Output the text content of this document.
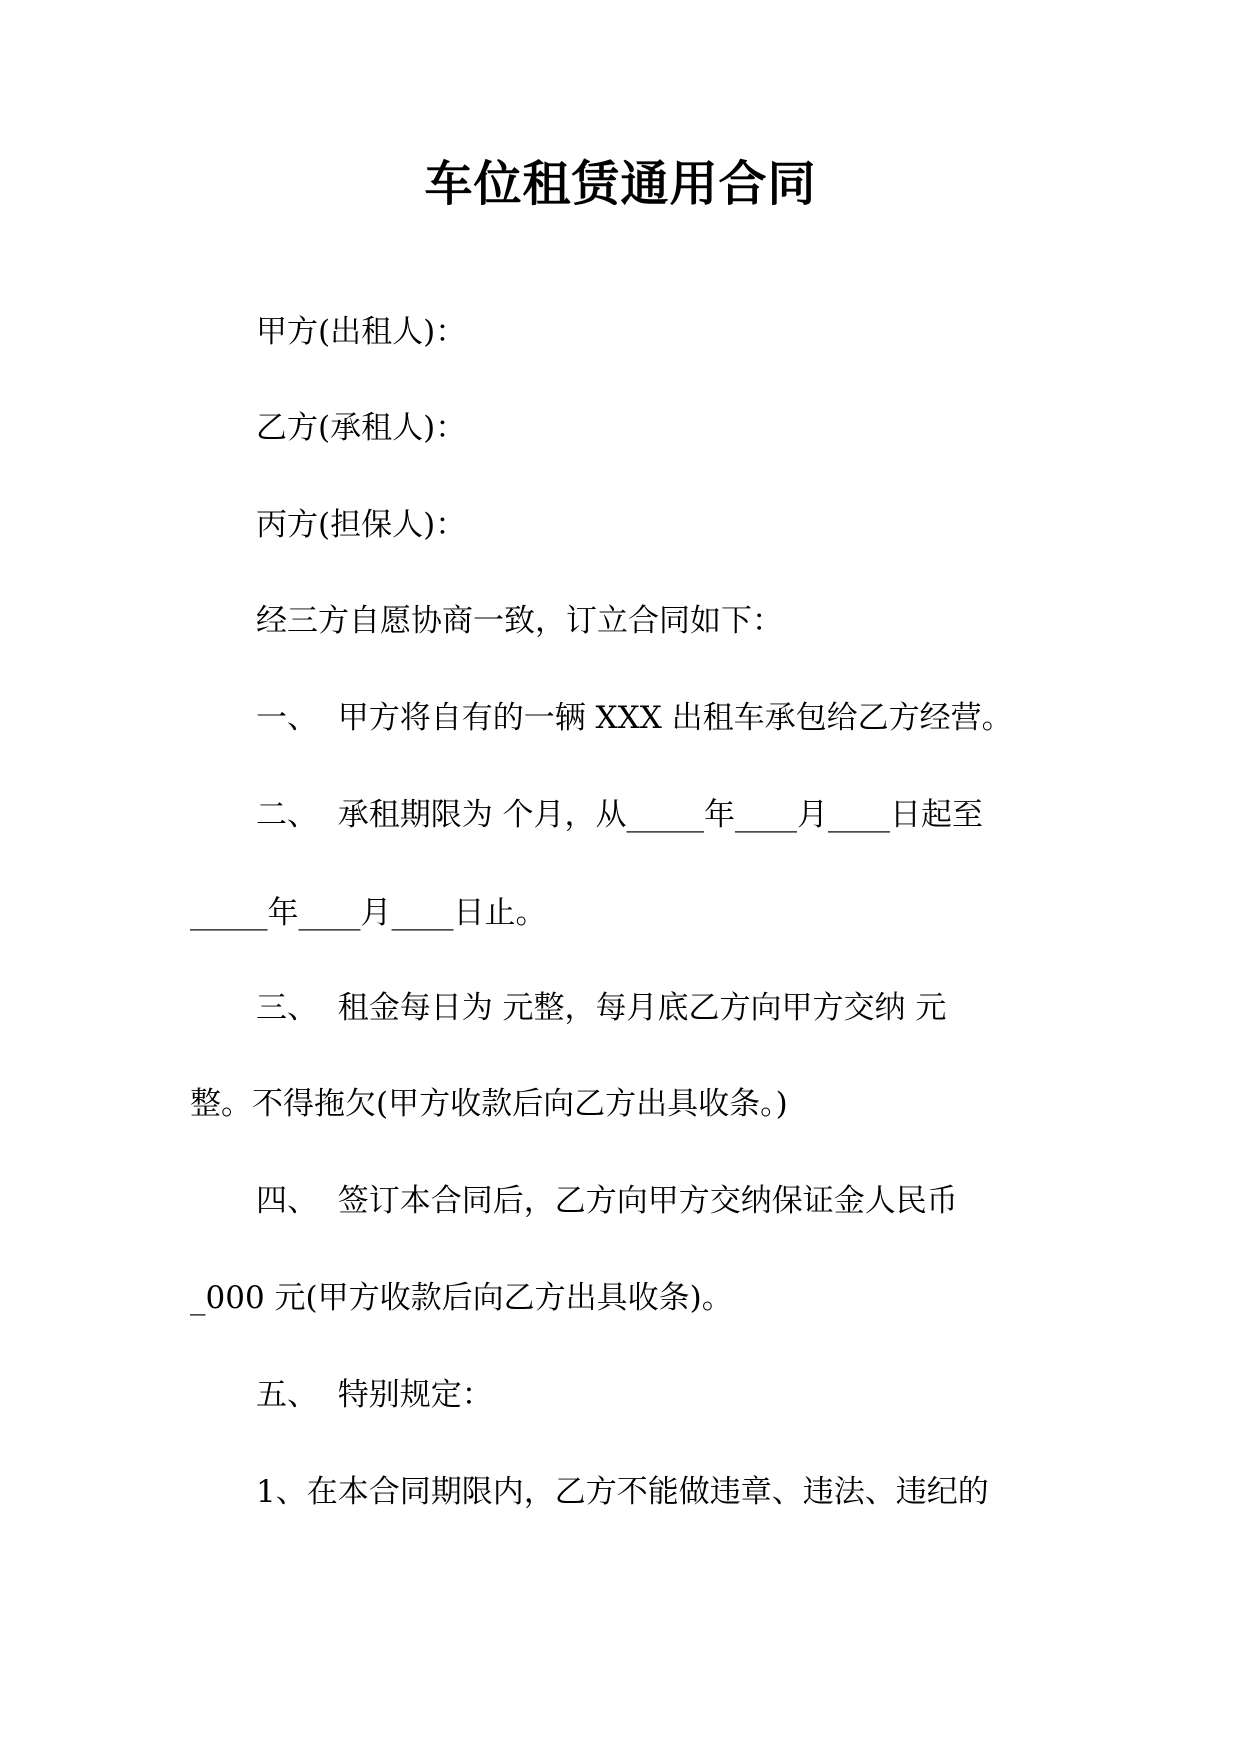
车位租赁通用合同

甲方(出租人)：

乙方(承租人)：

丙方(担保人)：

经三方自愿协商一致，订立合同如下：

一、  甲方将自有的一辆 XXX 出租车承包给乙方经营。

二、  承租期限为 个月，从_____年____月____日起至

_____年____月____日止。

三、  租金每日为 元整，每月底乙方向甲方交纳 元

整。不得拖欠(甲方收款后向乙方出具收条。)

四、  签订本合同后，乙方向甲方交纳保证金人民币

_000 元(甲方收款后向乙方出具收条)。

五、  特别规定：

1、在本合同期限内，乙方不能做违章、违法、违纪的
